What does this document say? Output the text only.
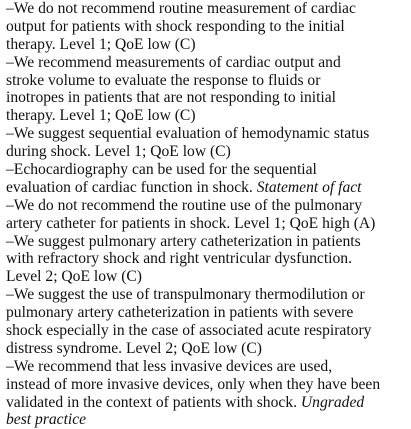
–We do not recommend routine measurement of cardiac
output for patients with shock responding to the initial
therapy. Level 1; QoE low (C)
–We recommend measurements of cardiac output and
stroke volume to evaluate the response to fluids or
inotropes in patients that are not responding to initial
therapy. Level 1; QoE low (C)
–We suggest sequential evaluation of hemodynamic status
during shock. Level 1; QoE low (C)
–Echocardiography can be used for the sequential
evaluation of cardiac function in shock. Statement of fact
–We do not recommend the routine use of the pulmonary
artery catheter for patients in shock. Level 1; QoE high (A)
–We suggest pulmonary artery catheterization in patients
with refractory shock and right ventricular dysfunction.
Level 2; QoE low (C)
–We suggest the use of transpulmonary thermodilution or
pulmonary artery catheterization in patients with severe
shock especially in the case of associated acute respiratory
distress syndrome. Level 2; QoE low (C)
–We recommend that less invasive devices are used,
instead of more invasive devices, only when they have been
validated in the context of patients with shock. Ungraded
best practice
